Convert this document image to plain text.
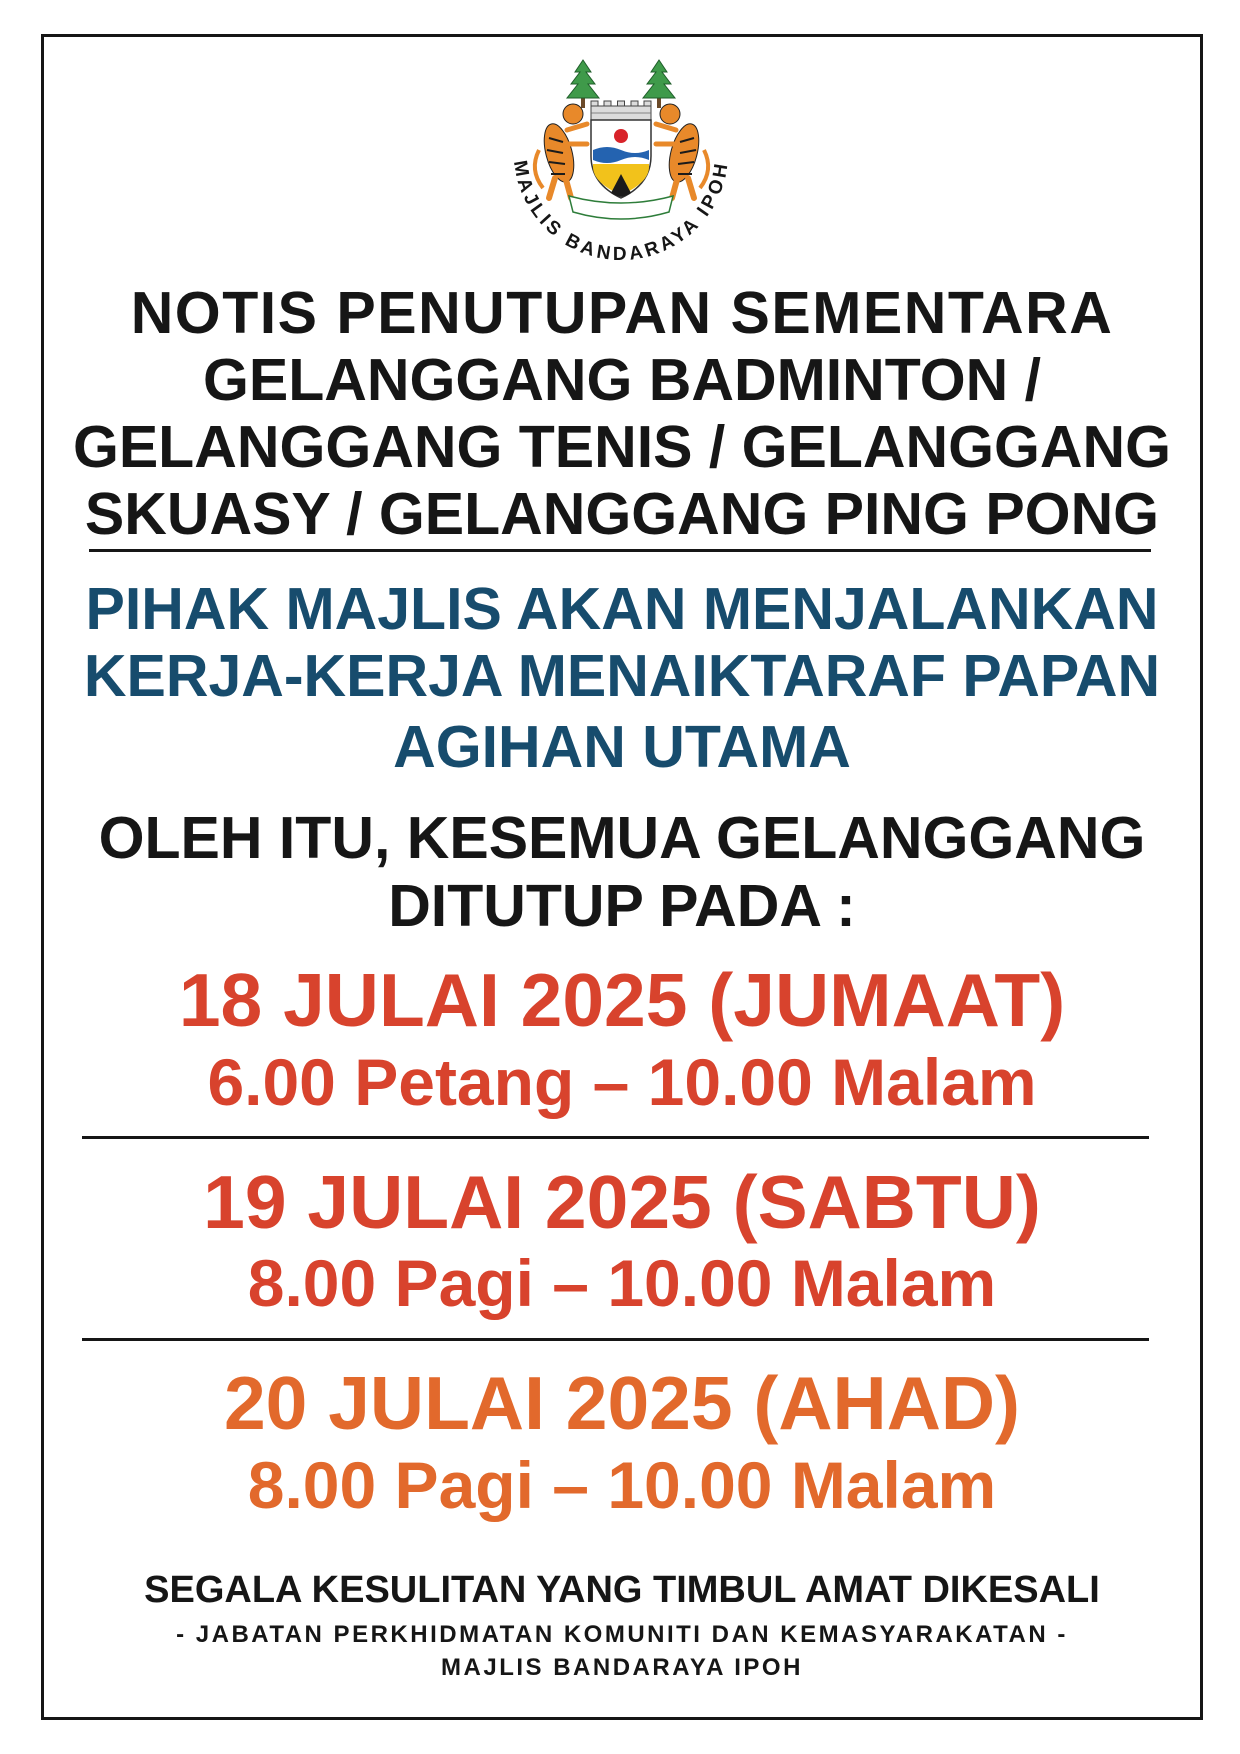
MAJLIS BANDARAYA IPOH
NOTIS PENUTUPAN SEMENTARA
GELANGGANG BADMINTON /
GELANGGANG TENIS / GELANGGANG
SKUASY / GELANGGANG PING PONG
PIHAK MAJLIS AKAN MENJALANKAN
KERJA-KERJA MENAIKTARAF PAPAN
AGIHAN UTAMA
OLEH ITU, KESEMUA GELANGGANG
DITUTUP PADA :
18 JULAI 2025 (JUMAAT)
6.00 Petang – 10.00 Malam
19 JULAI 2025 (SABTU)
8.00 Pagi – 10.00 Malam
20 JULAI 2025 (AHAD)
8.00 Pagi – 10.00 Malam
SEGALA KESULITAN YANG TIMBUL AMAT DIKESALI
- JABATAN PERKHIDMATAN KOMUNITI DAN KEMASYARAKATAN -
MAJLIS BANDARAYA IPOH
